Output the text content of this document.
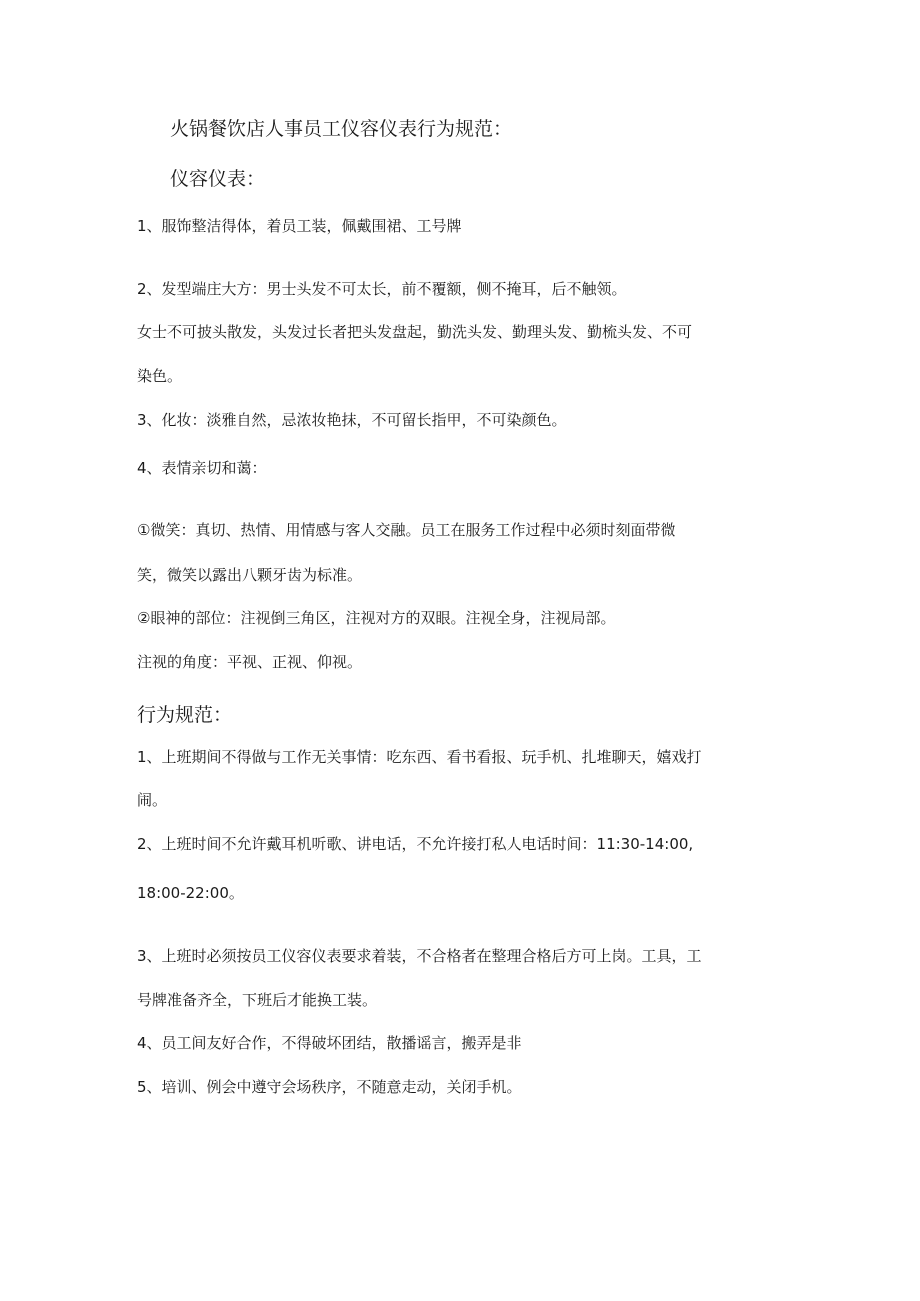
火锅餐饮店人事员工仪容仪表行为规范：
仪容仪表：
1、服饰整洁得体，着员工装，佩戴围裙、工号牌
2、发型端庄大方：男士头发不可太长，前不覆额，侧不掩耳，后不触领。
女士不可披头散发，头发过长者把头发盘起，勤洗头发、勤理头发、勤梳头发、不可
染色。
3、化妆：淡雅自然，忌浓妆艳抹，不可留长指甲，不可染颜色。
4、表情亲切和蔼：
①微笑：真切、热情、用情感与客人交融。员工在服务工作过程中必须时刻面带微
笑，微笑以露出八颗牙齿为标准。
②眼神的部位：注视倒三角区，注视对方的双眼。注视全身，注视局部。
注视的角度：平视、正视、仰视。
行为规范：
1、上班期间不得做与工作无关事情：吃东西、看书看报、玩手机、扎堆聊天，嬉戏打
闹。
2、上班时间不允许戴耳机听歌、讲电话，不允许接打私人电话时间：11:30-14:00,
18:00-22:00。
3、上班时必须按员工仪容仪表要求着装，不合格者在整理合格后方可上岗。工具，工
号牌准备齐全，下班后才能换工装。
4、员工间友好合作，不得破坏团结，散播谣言，搬弄是非
5、培训、例会中遵守会场秩序，不随意走动，关闭手机。
